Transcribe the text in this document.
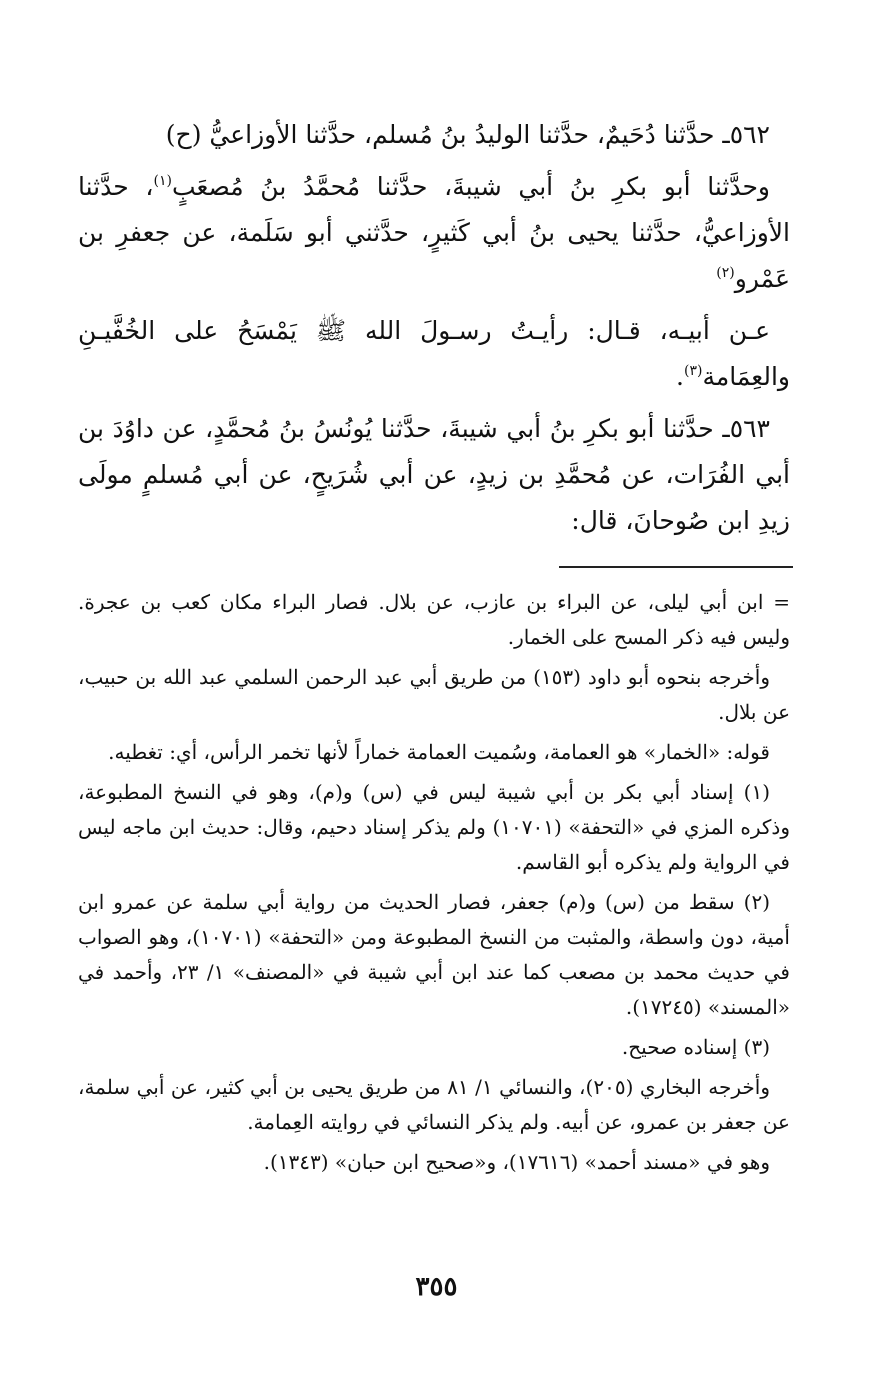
٥٦٢ـ حدَّثنا دُحَيمٌ، حدَّثنا الوليدُ بنُ مُسلم، حدَّثنا الأوزاعيُّ (ح)

وحدَّثنا أبو بكرِ بنُ أبي شيبةَ، حدَّثنا مُحمَّدُ بنُ مُصعَبٍ$^{(١)}$، حدَّثنا الأوزاعيُّ، حدَّثنا يحيى بنُ أبي كَثيرٍ، حدَّثني أبو سَلَمة، عن جعفرِ بن عَمْرو$^{(٢)}$

عـن أبيـه، قـال: رأيـتُ رسـولَ الله ﷺ يَمْسَحُ على الخُفَّيـنِ والعِمَامة$^{(٣)}$.

٥٦٣ـ حدَّثنا أبو بكرِ بنُ أبي شيبةَ، حدَّثنا يُونُسُ بنُ مُحمَّدٍ، عن داوُدَ بن أبي الفُرَات، عن مُحمَّدِ بن زيدٍ، عن أبي شُرَيحٍ، عن أبي مُسلمٍ مولَى زيدِ ابن صُوحانَ، قال:

= ابن أبي ليلى، عن البراء بن عازب، عن بلال. فصار البراء مكان كعب بن عجرة. وليس فيه ذكر المسح على الخمار.

وأخرجه بنحوه أبو داود (١٥٣) من طريق أبي عبد الرحمن السلمي عبد الله بن حبيب، عن بلال.

قوله: «الخمار» هو العمامة، وسُميت العمامة خماراً لأنها تخمر الرأس، أي: تغطيه.

(١) إسناد أبي بكر بن أبي شيبة ليس في (س) و(م)، وهو في النسخ المطبوعة، وذكره المزي في «التحفة» (١٠٧٠١) ولم يذكر إسناد دحيم، وقال: حديث ابن ماجه ليس في الرواية ولم يذكره أبو القاسم.

(٢) سقط من (س) و(م) جعفر، فصار الحديث من رواية أبي سلمة عن عمرو ابن أمية، دون واسطة، والمثبت من النسخ المطبوعة ومن «التحفة» (١٠٧٠١)، وهو الصواب في حديث محمد بن مصعب كما عند ابن أبي شيبة في «المصنف» ١/ ٢٣، وأحمد في «المسند» (١٧٢٤٥).

(٣) إسناده صحيح.

وأخرجه البخاري (٢٠٥)، والنسائي ١/ ٨١ من طريق يحيى بن أبي كثير، عن أبي سلمة، عن جعفر بن عمرو، عن أبيه. ولم يذكر النسائي في روايته العِمامة.

وهو في «مسند أحمد» (١٧٦١٦)، و«صحيح ابن حبان» (١٣٤٣).

٣٥٥
